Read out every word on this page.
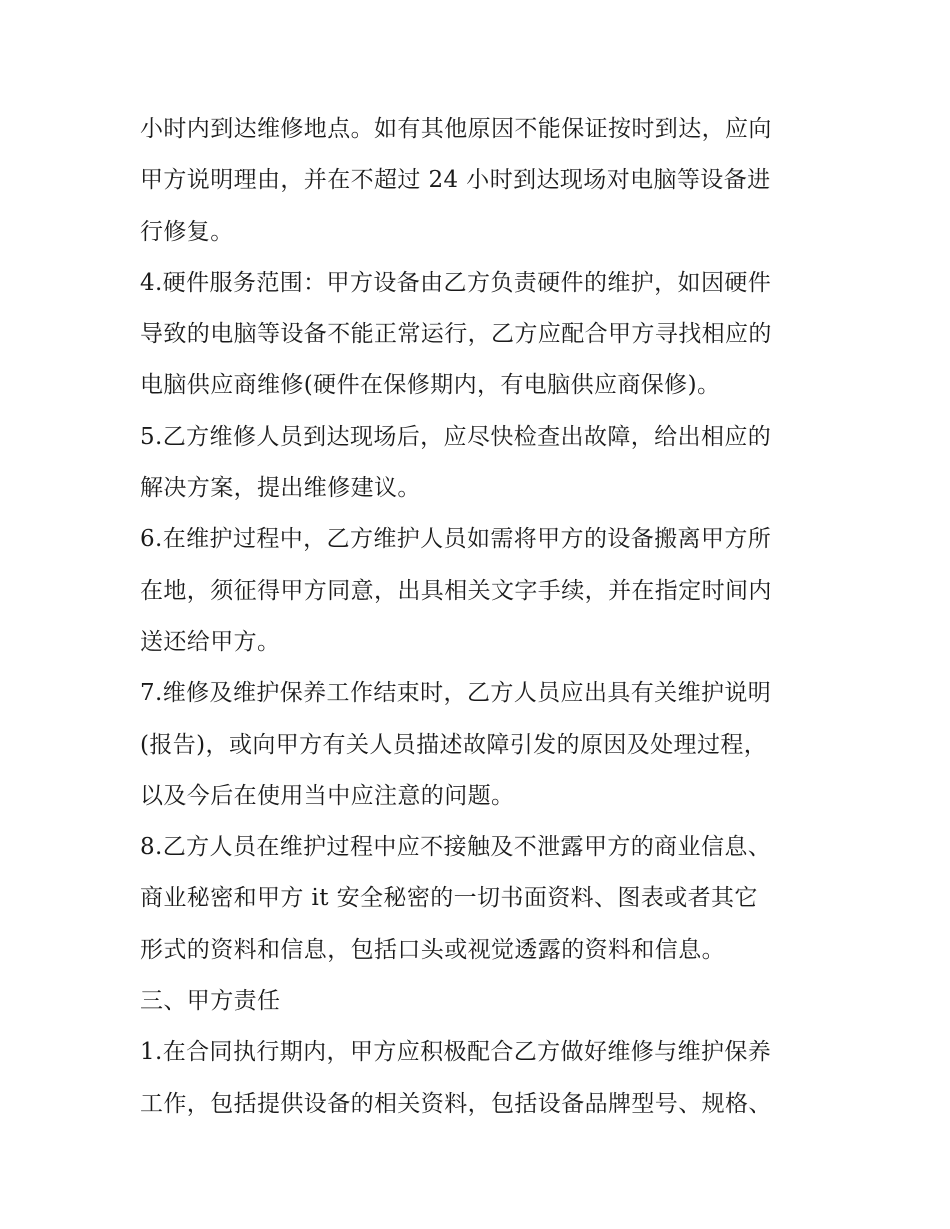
小时内到达维修地点。如有其他原因不能保证按时到达，应向
甲方说明理由，并在不超过 24 小时到达现场对电脑等设备进
行修复。
4.硬件服务范围：甲方设备由乙方负责硬件的维护，如因硬件
导致的电脑等设备不能正常运行，乙方应配合甲方寻找相应的
电脑供应商维修(硬件在保修期内，有电脑供应商保修)。
5.乙方维修人员到达现场后，应尽快检查出故障，给出相应的
解决方案，提出维修建议。
6.在维护过程中，乙方维护人员如需将甲方的设备搬离甲方所
在地，须征得甲方同意，出具相关文字手续，并在指定时间内
送还给甲方。
7.维修及维护保养工作结束时，乙方人员应出具有关维护说明
(报告)，或向甲方有关人员描述故障引发的原因及处理过程，
以及今后在使用当中应注意的问题。
8.乙方人员在维护过程中应不接触及不泄露甲方的商业信息、
商业秘密和甲方 it 安全秘密的一切书面资料、图表或者其它
形式的资料和信息，包括口头或视觉透露的资料和信息。
三、甲方责任
1.在合同执行期内，甲方应积极配合乙方做好维修与维护保养
工作，包括提供设备的相关资料，包括设备品牌型号、规格、
